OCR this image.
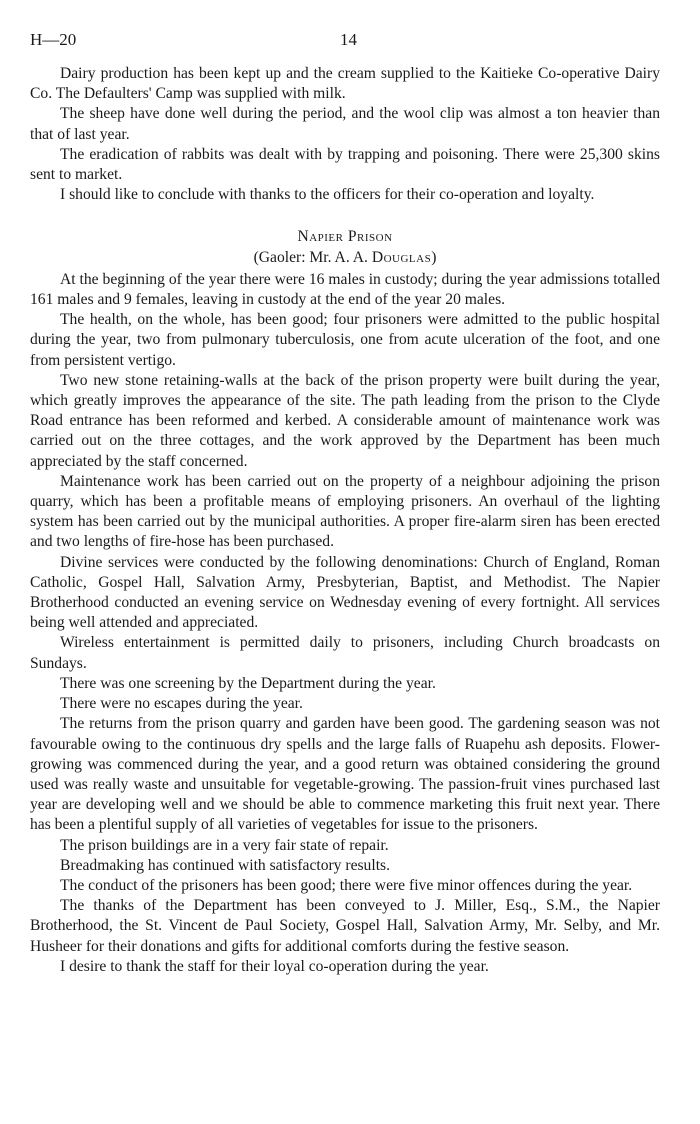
H—20	14

Dairy production has been kept up and the cream supplied to the Kaitieke Co-operative Dairy Co. The Defaulters' Camp was supplied with milk.

The sheep have done well during the period, and the wool clip was almost a ton heavier than that of last year.

The eradication of rabbits was dealt with by trapping and poisoning. There were 25,300 skins sent to market.

I should like to conclude with thanks to the officers for their co-operation and loyalty.

Napier Prison

(Gaoler: Mr. A. A. Douglas)

At the beginning of the year there were 16 males in custody; during the year admissions totalled 161 males and 9 females, leaving in custody at the end of the year 20 males.

The health, on the whole, has been good; four prisoners were admitted to the public hospital during the year, two from pulmonary tuberculosis, one from acute ulceration of the foot, and one from persistent vertigo.

Two new stone retaining-walls at the back of the prison property were built during the year, which greatly improves the appearance of the site. The path leading from the prison to the Clyde Road entrance has been reformed and kerbed. A considerable amount of maintenance work was carried out on the three cottages, and the work approved by the Department has been much appreciated by the staff concerned.

Maintenance work has been carried out on the property of a neighbour adjoining the prison quarry, which has been a profitable means of employing prisoners. An overhaul of the lighting system has been carried out by the municipal authorities. A proper fire-alarm siren has been erected and two lengths of fire-hose has been purchased.

Divine services were conducted by the following denominations: Church of England, Roman Catholic, Gospel Hall, Salvation Army, Presbyterian, Baptist, and Methodist. The Napier Brotherhood conducted an evening service on Wednesday evening of every fortnight. All services being well attended and appreciated.

Wireless entertainment is permitted daily to prisoners, including Church broadcasts on Sundays.

There was one screening by the Department during the year.

There were no escapes during the year.

The returns from the prison quarry and garden have been good. The gardening season was not favourable owing to the continuous dry spells and the large falls of Ruapehu ash deposits. Flower-growing was commenced during the year, and a good return was obtained considering the ground used was really waste and unsuitable for vegetable-growing. The passion-fruit vines purchased last year are developing well and we should be able to commence marketing this fruit next year. There has been a plentiful supply of all varieties of vegetables for issue to the prisoners.

The prison buildings are in a very fair state of repair.

Breadmaking has continued with satisfactory results.

The conduct of the prisoners has been good; there were five minor offences during the year.

The thanks of the Department has been conveyed to J. Miller, Esq., S.M., the Napier Brotherhood, the St. Vincent de Paul Society, Gospel Hall, Salvation Army, Mr. Selby, and Mr. Husheer for their donations and gifts for additional comforts during the festive season.

I desire to thank the staff for their loyal co-operation during the year.
